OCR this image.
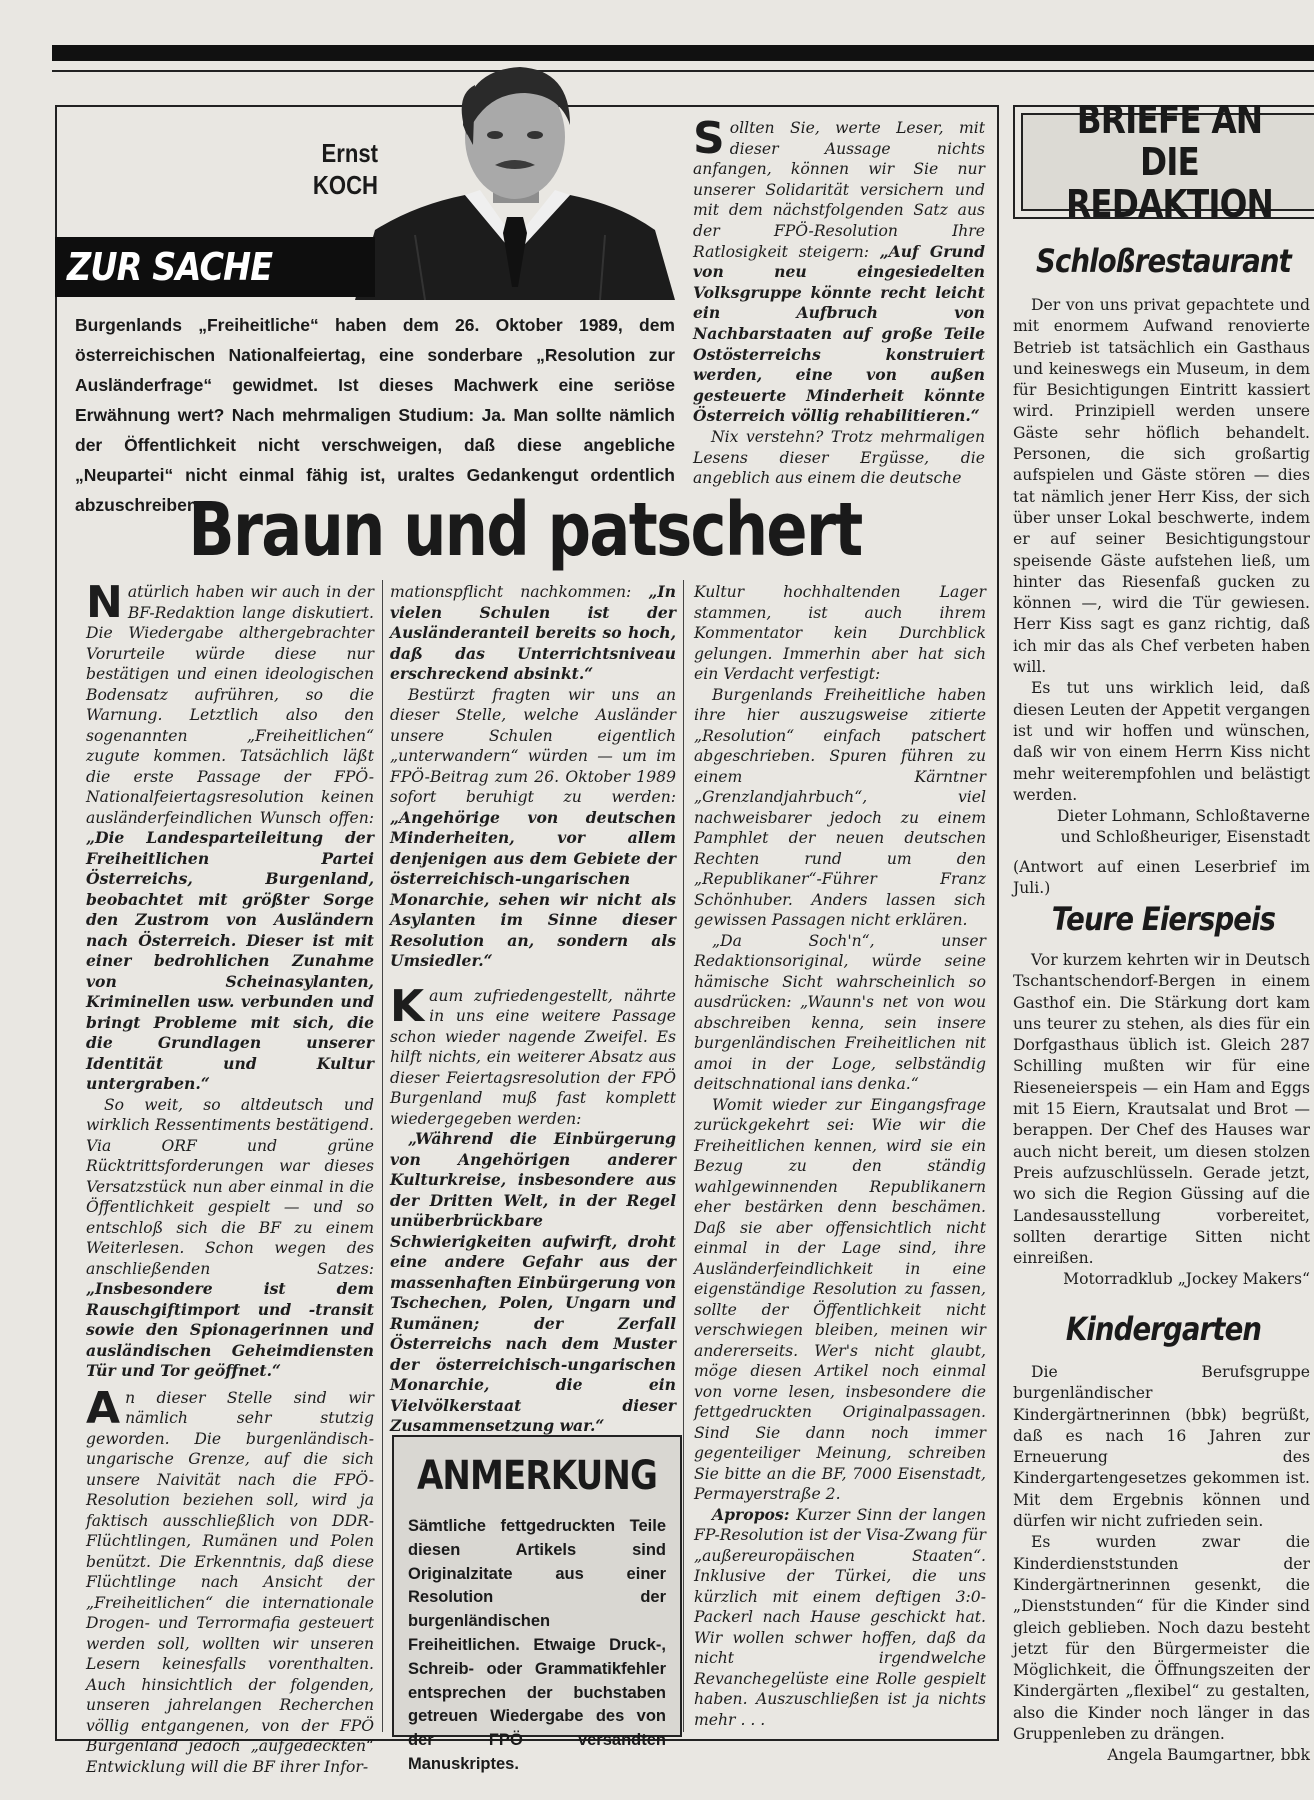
Ernst
KOCH
ZUR SACHE
Burgenlands „Freiheitliche“ haben dem 26. Oktober 1989, dem österreichischen Nationalfeiertag, eine sonderbare „Resolution zur Ausländerfrage“ gewidmet. Ist dieses Machwerk eine seriöse Erwähnung wert? Nach mehrmaligen Studium: Ja. Man sollte nämlich der Öffentlichkeit nicht verschweigen, daß diese angebliche „Neupartei“ nicht einmal fähig ist, uraltes Gedankengut ordentlich abzuschreiben.

Sollten Sie, werte Leser, mit dieser Aussage nichts anfangen, können wir Sie nur unserer Solidarität versichern und mit dem nächstfolgenden Satz aus der FPÖ-Resolution Ihre Ratlosigkeit steigern: „Auf Grund von neu eingesiedelten Volksgruppe könnte recht leicht ein Aufbruch von Nachbarstaaten auf große Teile Ostösterreichs konstruiert werden, eine von außen gesteuerte Minderheit könnte Österreich völlig rehabilitieren.“

Nix verstehn? Trotz mehrmaligen Lesens dieser Ergüsse, die angeblich aus einem die deutsche

Braun und patschert

Natürlich haben wir auch in der BF-Redaktion lange diskutiert. Die Wiedergabe althergebrachter Vorurteile würde diese nur bestätigen und einen ideologischen Bodensatz aufrühren, so die Warnung. Letztlich also den sogenannten „Freiheitlichen“ zugute kommen. Tatsächlich läßt die erste Passage der FPÖ-Nationalfeiertagsresolution keinen ausländerfeindlichen Wunsch offen: „Die Landesparteileitung der Freiheitlichen Partei Österreichs, Burgenland, beobachtet mit größter Sorge den Zustrom von Ausländern nach Österreich. Dieser ist mit einer bedrohlichen Zunahme von Scheinasylanten, Kriminellen usw. verbunden und bringt Probleme mit sich, die die Grundlagen unserer Identität und Kultur untergraben.“

So weit, so altdeutsch und wirklich Ressentiments bestätigend. Via ORF und grüne Rücktrittsforderungen war dieses Versatzstück nun aber einmal in die Öffentlichkeit gespielt — und so entschloß sich die BF zu einem Weiterlesen. Schon wegen des anschließenden Satzes: „Insbesondere ist dem Rauschgiftimport und -transit sowie den Spionagerinnen und ausländischen Geheimdiensten Tür und Tor geöffnet.“

An dieser Stelle sind wir nämlich sehr stutzig geworden. Die burgenländisch-ungarische Grenze, auf die sich unsere Naivität nach die FPÖ-Resolution beziehen soll, wird ja faktisch ausschließlich von DDR-Flüchtlingen, Rumänen und Polen benützt. Die Erkenntnis, daß diese Flüchtlinge nach Ansicht der „Freiheitlichen“ die internationale Drogen- und Terrormafia gesteuert werden soll, wollten wir unseren Lesern keinesfalls vorenthalten. Auch hinsichtlich der folgenden, unseren jahrelangen Recherchen völlig entgangenen, von der FPÖ Burgenland jedoch „aufgedeckten“ Entwicklung will die BF ihrer Infor-

mationspflicht nachkommen: „In vielen Schulen ist der Ausländeranteil bereits so hoch, daß das Unterrichtsniveau erschreckend absinkt.“

Bestürzt fragten wir uns an dieser Stelle, welche Ausländer unsere Schulen eigentlich „unterwandern“ würden — um im FPÖ-Beitrag zum 26. Oktober 1989 sofort beruhigt zu werden: „Angehörige von deutschen Minderheiten, vor allem denjenigen aus dem Gebiete der österreichisch-ungarischen Monarchie, sehen wir nicht als Asylanten im Sinne dieser Resolution an, sondern als Umsiedler.“

Kaum zufriedengestellt, nährte in uns eine weitere Passage schon wieder nagende Zweifel. Es hilft nichts, ein weiterer Absatz aus dieser Feiertagsresolution der FPÖ Burgenland muß fast komplett wiedergegeben werden:

„Während die Einbürgerung von Angehörigen anderer Kulturkreise, insbesondere aus der Dritten Welt, in der Regel unüberbrückbare Schwierigkeiten aufwirft, droht eine andere Gefahr aus der massenhaften Einbürgerung von Tschechen, Polen, Ungarn und Rumänen; der Zerfall Österreichs nach dem Muster der österreichisch-ungarischen Monarchie, die ein Vielvölkerstaat dieser Zusammensetzung war.“

ANMERKUNG
Sämtliche fettgedruckten Teile diesen Artikels sind Originalzitate aus einer Resolution der burgenländischen Freiheitlichen. Etwaige Druck-, Schreib- oder Grammatikfehler entsprechen der buchstaben getreuen Wiedergabe des von der FPÖ versandten Manuskriptes.

Kultur hochhaltenden Lager stammen, ist auch ihrem Kommentator kein Durchblick gelungen. Immerhin aber hat sich ein Verdacht verfestigt:

Burgenlands Freiheitliche haben ihre hier auszugsweise zitierte „Resolution“ einfach patschert abgeschrieben. Spuren führen zu einem Kärntner „Grenzlandjahrbuch“, viel nachweisbarer jedoch zu einem Pamphlet der neuen deutschen Rechten rund um den „Republikaner“-Führer Franz Schönhuber. Anders lassen sich gewissen Passagen nicht erklären.

„Da Soch'n“, unser Redaktionsoriginal, würde seine hämische Sicht wahrscheinlich so ausdrücken: „Waunn's net von wou abschreiben kenna, sein insere burgenländischen Freiheitlichen nit amoi in der Loge, selbständig deitschnational ians denka.“

Womit wieder zur Eingangsfrage zurückgekehrt sei: Wie wir die Freiheitlichen kennen, wird sie ein Bezug zu den ständig wahlgewinnenden Republikanern eher bestärken denn beschämen. Daß sie aber offensichtlich nicht einmal in der Lage sind, ihre Ausländerfeindlichkeit in eine eigenständige Resolution zu fassen, sollte der Öffentlichkeit nicht verschwiegen bleiben, meinen wir andererseits. Wer's nicht glaubt, möge diesen Artikel noch einmal von vorne lesen, insbesondere die fettgedruckten Originalpassagen. Sind Sie dann noch immer gegenteiliger Meinung, schreiben Sie bitte an die BF, 7000 Eisenstadt, Permayerstraße 2.

Apropos: Kurzer Sinn der langen FP-Resolution ist der Visa-Zwang für „außereuropäischen Staaten“. Inklusive der Türkei, die uns kürzlich mit einem deftigen 3:0-Packerl nach Hause geschickt hat. Wir wollen schwer hoffen, daß da nicht irgendwelche Revanchegelüste eine Rolle gespielt haben. Auszuschließen ist ja nichts mehr . . .

BRIEFE AN
DIE REDAKTION
Schloßrestaurant

Der von uns privat gepachtete und mit enormem Aufwand renovierte Betrieb ist tatsächlich ein Gasthaus und keineswegs ein Museum, in dem für Besichtigungen Eintritt kassiert wird. Prinzipiell werden unsere Gäste sehr höflich behandelt. Personen, die sich großartig aufspielen und Gäste stören — dies tat nämlich jener Herr Kiss, der sich über unser Lokal beschwerte, indem er auf seiner Besichtigungstour speisende Gäste aufstehen ließ, um hinter das Riesenfaß gucken zu können —, wird die Tür gewiesen. Herr Kiss sagt es ganz richtig, daß ich mir das als Chef verbeten haben will.

Es tut uns wirklich leid, daß diesen Leuten der Appetit vergangen ist und wir hoffen und wünschen, daß wir von einem Herrn Kiss nicht mehr weiterempfohlen und belästigt werden.

Dieter Lohmann, Schloßtaverne und Schloßheuriger, Eisenstadt

(Antwort auf einen Leserbrief im Juli.)

Teure Eierspeis

Vor kurzem kehrten wir in Deutsch Tschantschendorf-Bergen in einem Gasthof ein. Die Stärkung dort kam uns teurer zu stehen, als dies für ein Dorfgasthaus üblich ist. Gleich 287 Schilling mußten wir für eine Rieseneierspeis — ein Ham and Eggs mit 15 Eiern, Krautsalat und Brot — berappen. Der Chef des Hauses war auch nicht bereit, um diesen stolzen Preis aufzuschlüsseln. Gerade jetzt, wo sich die Region Güssing auf die Landesausstellung vorbereitet, sollten derartige Sitten nicht einreißen.

Motorradklub „Jockey Makers“

Kindergarten

Die Berufsgruppe burgenländischer Kindergärtnerinnen (bbk) begrüßt, daß es nach 16 Jahren zur Erneuerung des Kindergartengesetzes gekommen ist. Mit dem Ergebnis können und dürfen wir nicht zufrieden sein.

Es wurden zwar die Kinderdienststunden der Kindergärtnerinnen gesenkt, die „Dienststunden“ für die Kinder sind gleich geblieben. Noch dazu besteht jetzt für den Bürgermeister die Möglichkeit, die Öffnungszeiten der Kindergärten „flexibel“ zu gestalten, also die Kinder noch länger in das Gruppenleben zu drängen.

Angela Baumgartner, bbk
